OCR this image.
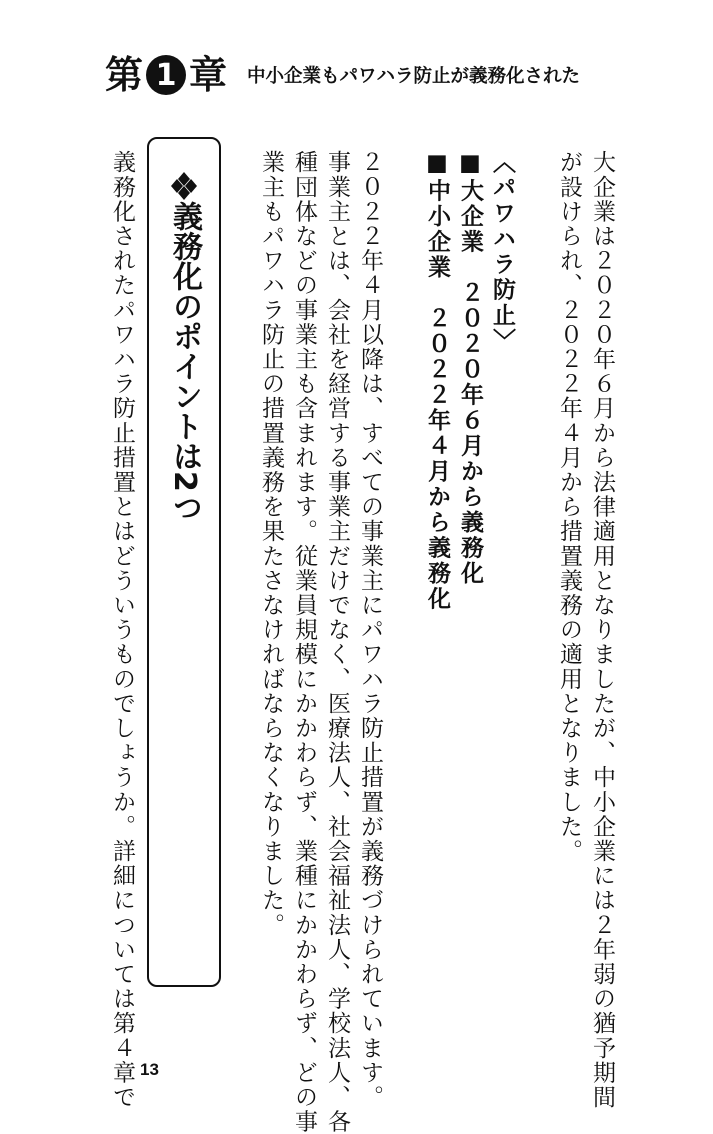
第 1 章 中小企業もパワハラ防止が義務化された
大企業は２０２０年６月から法律適用となりましたが、中小企業には２年弱の猶予期間
が設けられ、２０２２年４月から措置義務の適用となりました。
〈パワハラ防止〉
■大企業　２０２０年６月から義務化
■中小企業　２０２２年４月から義務化
２０２２年４月以降は、すべての事業主にパワハラ防止措置が義務づけられています。
事業主とは、会社を経営する事業主だけでなく、医療法人、社会福祉法人、学校法人、各
種団体などの事業主も含まれます。従業員規模にかかわらず、業種にかかわらず、どの事
業主もパワハラ防止の措置義務を果たさなければならなくなりました。
義務化のポイントは2つ
義務化されたパワハラ防止措置とはどういうものでしょうか。詳細については第４章で 13
